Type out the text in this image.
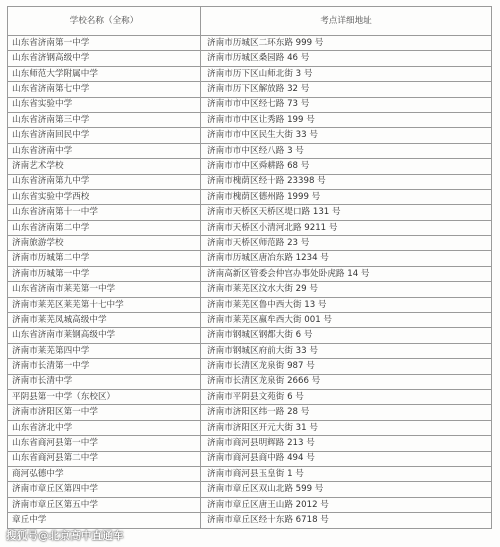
学校名称（全称）	考点详细地址
山东省济南第一中学	济南市历城区二环东路 999 号
山东省济钢高级中学	济南市历城区桑园路 46 号
山东师范大学附属中学	济南市历下区山师北街 3 号
山东省济南第七中学	济南市历下区解放路 32 号
山东省实验中学	济南市市中区经七路 73 号
山东省济南第三中学	济南市市中区让秀路 199 号
山东省济南回民中学	济南市市中区民生大街 33 号
山东省济南中学	济南市市中区经八路 3 号
济南艺术学校	济南市市中区舜耕路 68 号
山东省济南第九中学	济南市槐荫区经十路 23398 号
山东省实验中学西校	济南市槐荫区德州路 1999 号
山东省济南第十一中学	济南市天桥区天桥区堤口路 131 号
山东省济南第二中学	济南市天桥区小清河北路 9211 号
济南旅游学校	济南市天桥区师范路 23 号
济南市历城第二中学	济南市历城区唐冶东路 1234 号
济南市历城第一中学	济南高新区管委会仲宫办事处卧虎路 14 号
山东省济南市莱芜第一中学	济南市莱芜区汶水大街 29 号
济南市莱芜区莱芜第十七中学	济南市莱芜区鲁中西大街 13 号
济南市莱芜凤城高级中学	济南市莱芜区嬴牟西大街 001 号
山东省济南市莱钢高级中学	济南市钢城区钢都大街 6 号
济南市莱芜第四中学	济南市钢城区府前大街 33 号
济南市长清第一中学	济南市长清区龙泉街 987 号
济南市长清中学	济南市长清区龙泉街 2666 号
平阴县第一中学（东校区）	济南市平阴县文苑街 6 号
济南市济阳区第一中学	济南市济阳区纬一路 28 号
山东省济北中学	济南市济阳区开元大街 31 号
山东省商河县第一中学	济南市商河县明辉路 213 号
山东省商河县第二中学	济南市商河县商中路 494 号
商河弘德中学	济南市商河县玉皇街 1 号
济南市章丘区第四中学	济南市章丘区双山北路 599 号
济南市章丘区第五中学	济南市章丘区唐王山路 2012 号
章丘中学	济南市章丘区经十东路 6718 号
搜狐号@北京高中直通车
